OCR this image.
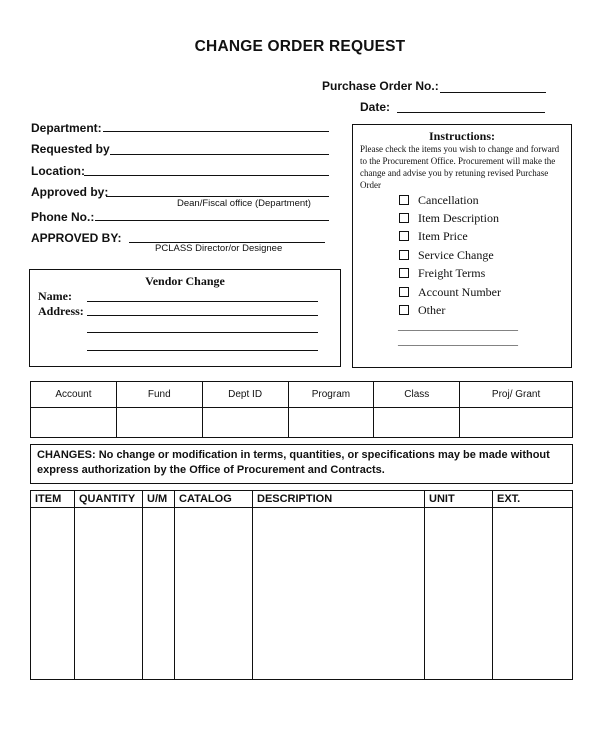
CHANGE ORDER REQUEST
Purchase Order No.:
Date:
Department:
Requested by
Location:
Approved by:
Dean/Fiscal office (Department)
Phone No.:
APPROVED BY:
PCLASS Director/or Designee
Instructions:
Please check the items you wish to change and forward to the Procurement Office. Procurement will make the change and advise you by retuning revised Purchase Order
Cancellation
Item Description
Item Price
Service Change
Freight Terms
Account Number
Other
________________________
________________________
Vendor Change
Name:
Address:
Account	Fund	Dept ID	Program	Class	Proj/ Grant

CHANGES: No change or modification in terms, quantities, or specifications may be made without express authorization by the Office of Procurement and Contracts.
ITEM	QUANTITY	U/M	CATALOG	DESCRIPTION	UNIT	EXT.
